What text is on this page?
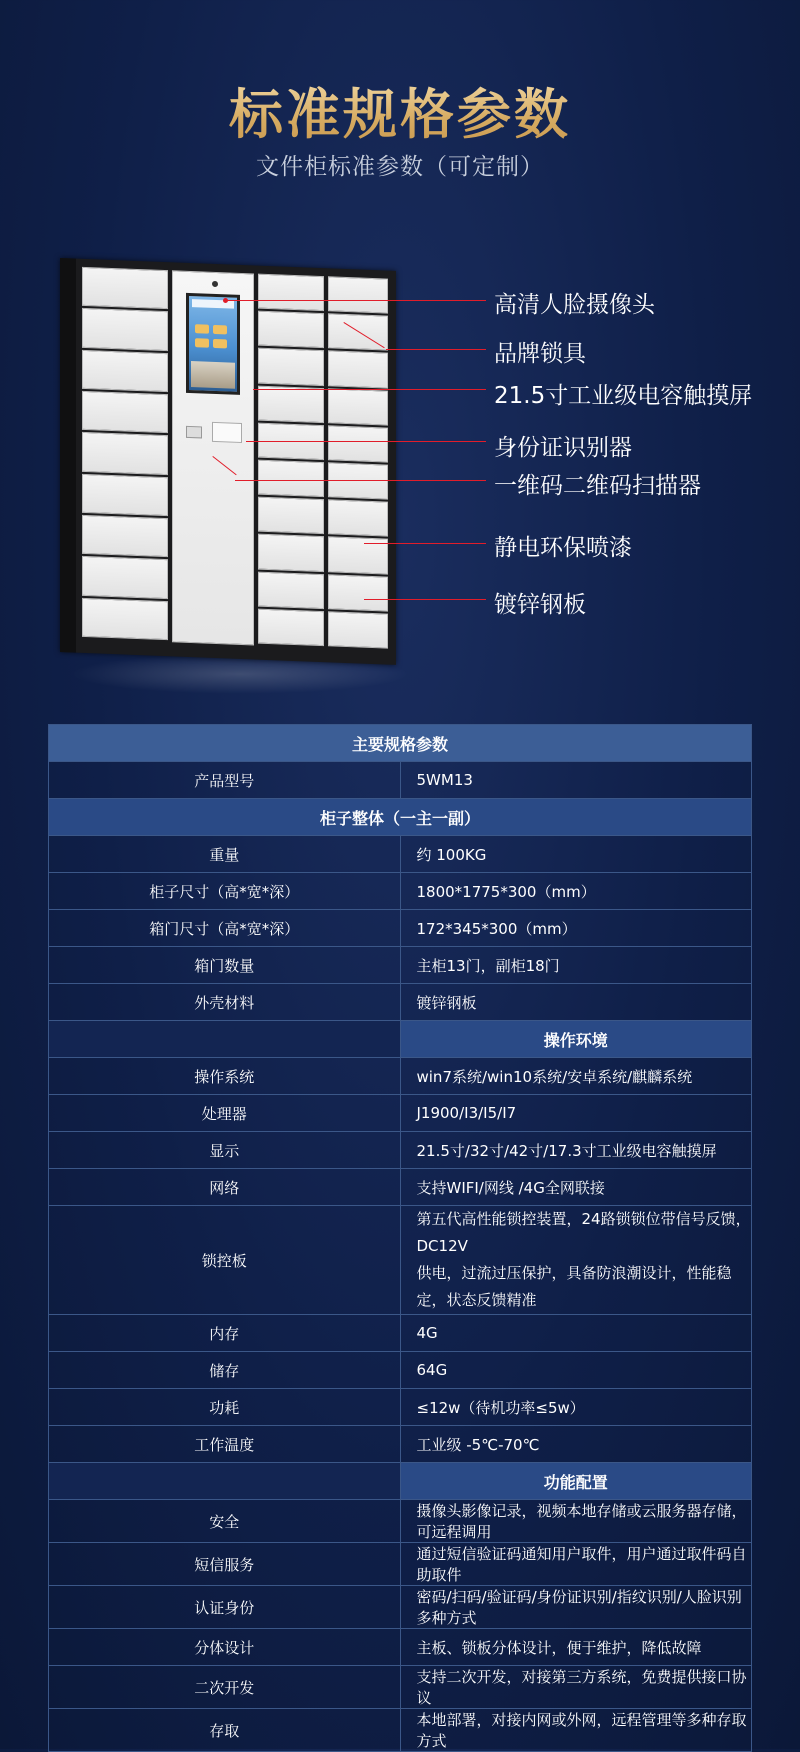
标准规格参数
文件柜标准参数（可定制）
高清人脸摄像头
品牌锁具
21.5寸工业级电容触摸屏
身份证识别器
一维码二维码扫描器
静电环保喷漆
镀锌钢板
主要规格参数	
产品型号	5WM13
柜子整体（一主一副）	
重量	约 100KG
柜子尺寸（高*宽*深）	1800*1775*300（mm）
箱门尺寸（高*宽*深）	172*345*300（mm）
箱门数量	主柜13门，副柜18门
外壳材料	镀锌钢板
	操作环境
操作系统	win7系统/win10系统/安卓系统/麒麟系统
处理器	J1900/I3/I5/I7
显示	21.5寸/32寸/42寸/17.3寸工业级电容触摸屏
网络	支持WIFI/网线 /4G全网联接
锁控板	第五代高性能锁控装置，24路锁锁位带信号反馈，DC12V
供电，过流过压保护，具备防浪潮设计，性能稳定，状态反馈精准

内存	4G
储存	64G
功耗	≤12w（待机功率≤5w）
工作温度	工业级 -5℃-70℃
	功能配置
安全	摄像头影像记录，视频本地存储或云服务器存储，可远程调用
短信服务	通过短信验证码通知用户取件，用户通过取件码自助取件
认证身份	密码/扫码/验证码/身份证识别/指纹识别/人脸识别多种方式
分体设计	主板、锁板分体设计，便于维护，降低故障
二次开发	支持二次开发，对接第三方系统，免费提供接口协议
存取	本地部署，对接内网或外网，远程管理等多种存取方式
